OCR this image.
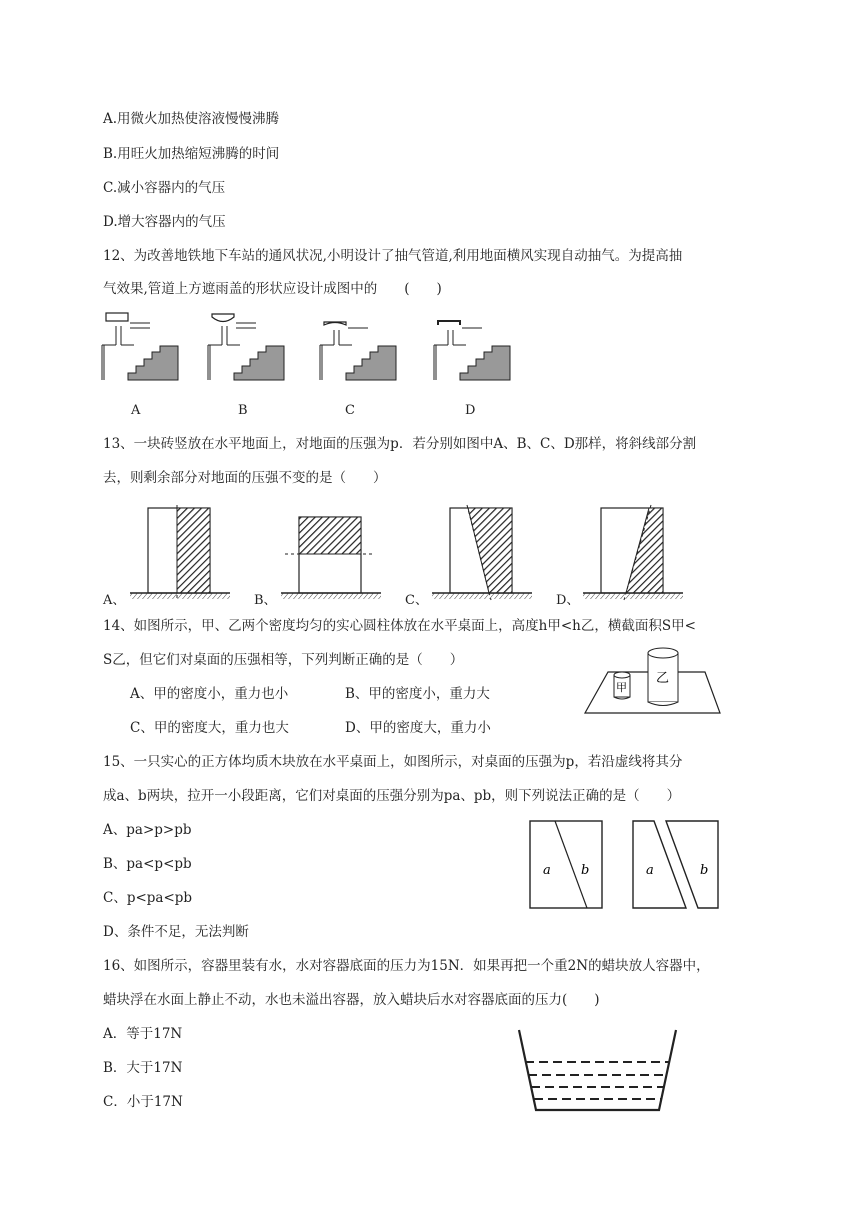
A.用微火加热使溶液慢慢沸腾
B.用旺火加热缩短沸腾的时间
C.减小容器内的气压
D.增大容器内的气压
12、为改善地铁地下车站的通风状况,小明设计了抽气管道,利用地面横风实现自动抽气。为提高抽
气效果,管道上方遮雨盖的形状应设计成图中的　　(　　)
A	B	C	D
13、一块砖竖放在水平地面上，对地面的压强为p．若分别如图中A、B、C、D那样，将斜线部分割
去，则剩余部分对地面的压强不变的是（　　）
A、	B、	C、	D、
14、如图所示，甲、乙两个密度均匀的实心圆柱体放在水平桌面上，高度h甲<h乙，横截面积S甲<
S乙，但它们对桌面的压强相等，下列判断正确的是（　　）
A、甲的密度小，重力也小	B、甲的密度小，重力大
C、甲的密度大，重力也大	D、甲的密度大，重力小
甲
乙
15、一只实心的正方体均质木块放在水平桌面上，如图所示，对桌面的压强为p，若沿虚线将其分
成a、b两块，拉开一小段距离，它们对桌面的压强分别为pa、pb，则下列说法正确的是（　　）
A、pa>p>pb
B、pa<p<pb
C、p<pa<pb
D、条件不足，无法判断
a b	a	b
16、如图所示，容器里装有水，水对容器底面的压力为15N．如果再把一个重2N的蜡块放人容器中，
蜡块浮在水面上静止不动，水也未溢出容器，放入蜡块后水对容器底面的压力(　　)
A．等于17N
B．大于17N
C．小于17N
